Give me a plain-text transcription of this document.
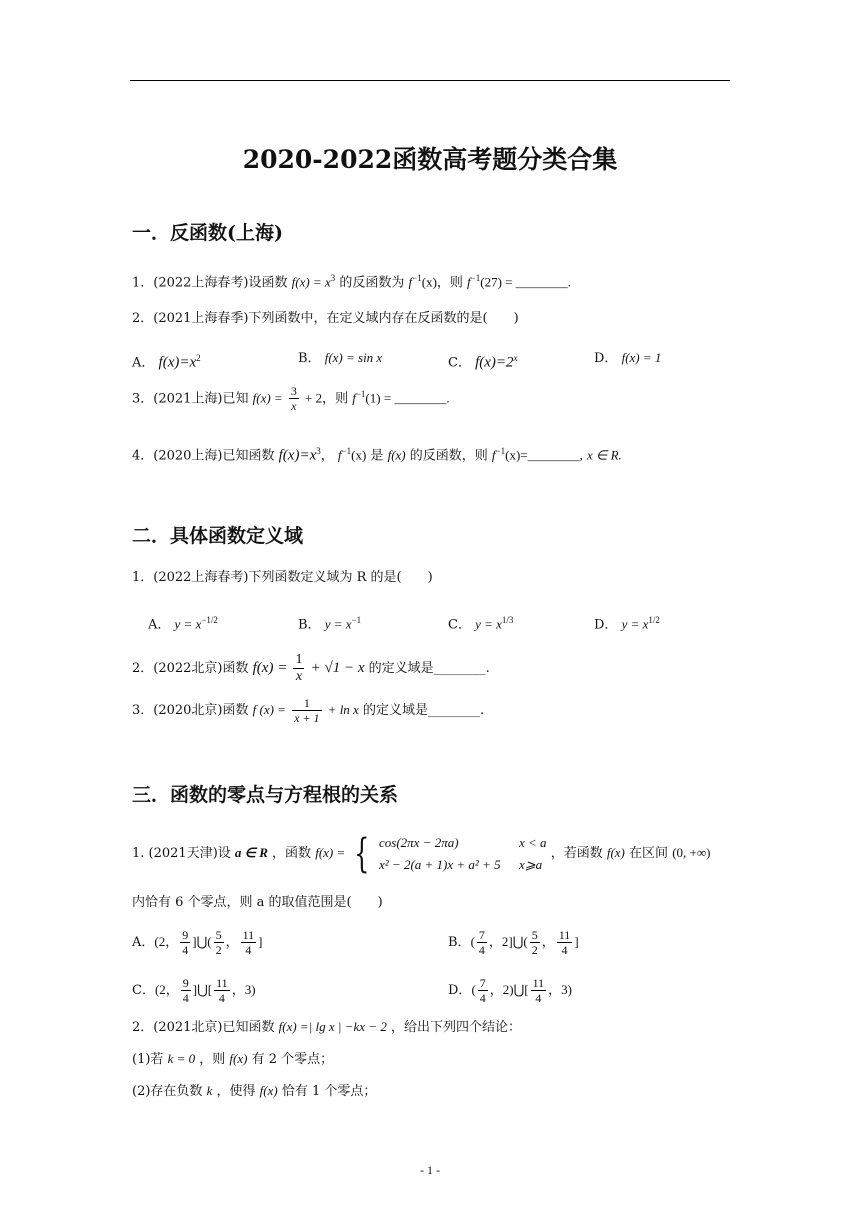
2020-2022函数高考题分类合集
一．反函数(上海)
1．(2022上海春考)设函数 $f(x) = x^3$ 的反函数为 $f^{-1}(x)$，则 $f^{-1}(27)$ = ________.
2．(2021上海春季)下列函数中，在定义域内存在反函数的是(　　)
A． $f(x)=x^2$	B． f(x) = sin x	C． $f(x)=2^x$	D． f(x) = 1
3．(2021上海)已知 $f(x) = \frac{3}{x} + 2$，则 $f^{-1}(1)$ = ________.
4．(2020上海)已知函数 $f(x)=x^3$， $f^{-1}(x)$ 是 f(x) 的反函数，则 $f^{-1}(x)=\_\_\_\_\_\_\_\_$, x ∈ R.
二．具体函数定义域
1．(2022上海春考)下列函数定义域为 R 的是(　　)
A． $y = x^{-1/2}$	B． $y = x^{-1}$	C． $y = x^{1/3}$	D． $y = x^{1/2}$
2．(2022北京)函数 $f(x) = \frac{1}{x} + √1 - x$ 的定义域是________.
3．(2020北京)函数 f $(x) = \frac{1}{x + 1} + \ln x$ 的定义域是________.
三．函数的零点与方程根的关系
1. (2021天津)设 a ∈ R ，函数 f(x) = { cos(2πx − 2πa)	x < a
x² − 2(a + 1)x + a² + 5 x⩾a
，若函数 f(x) 在区间 (0, +∞)
内恰有 6 个零点，则 a 的取值范围是(　　)
A．(2， $\frac{9}{4}$ ]⋃( $\frac{5}{2}$ ， $\frac{11}{4}$ ]	B．( $\frac{7}{4}$ ，2]⋃( $\frac{5}{2}$ ， $\frac{11}{4}$ ]
C．(2， $\frac{9}{4}$ ]⋃[ $\frac{11}{4}$ ，3)	D．( $\frac{7}{4}$ ，2)⋃[ $\frac{11}{4}$ ，3)
2．(2021北京)已知函数 f(x) =| lg x | −kx − 2 ，给出下列四个结论：
(1)若 k = 0 ，则 f(x) 有 2 个零点；
(2)存在负数 k ，使得 f(x) 恰有 1 个零点；
- 1 -
